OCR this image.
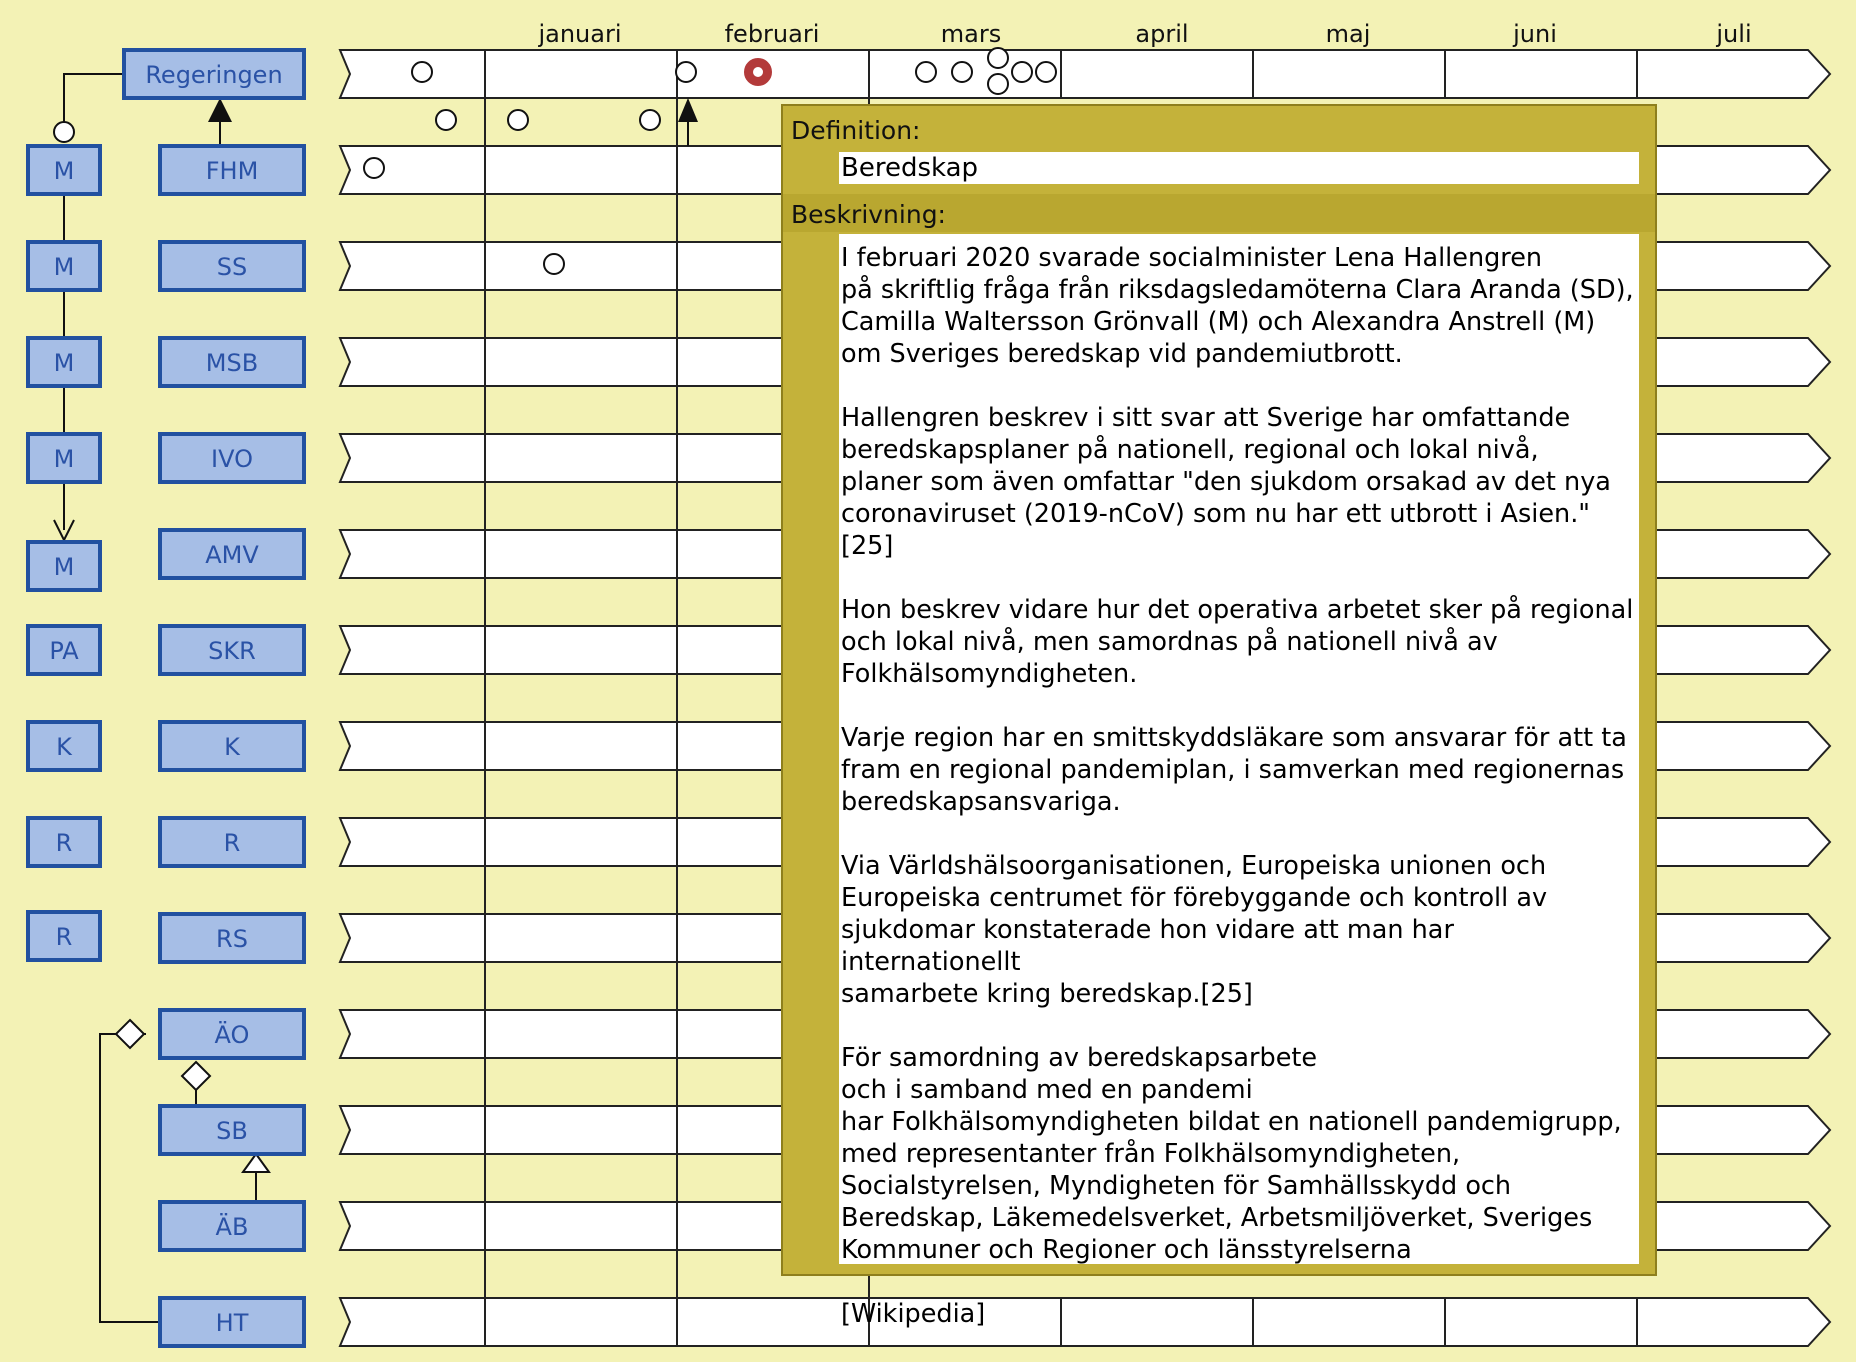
januari	februari	mars	april	maj	juni	juli
Regeringen
M
M
M
M
M
PA
K
R
R
FHM
SS
MSB
IVO
AMV
SKR
K
R
RS
ÄO
SB
ÄB
HT
Definition:
Beredskap
Beskrivning:
I februari 2020 svarade socialminister Lena Hallengren
på skriftlig fråga från riksdagsledamöterna Clara Aranda (SD),
Camilla Waltersson Grönvall (M) och Alexandra Anstrell (M)
om Sveriges beredskap vid pandemiutbrott.

Hallengren beskrev i sitt svar att Sverige har omfattande
beredskapsplaner på nationell, regional och lokal nivå,
planer som även omfattar "den sjukdom orsakad av det nya
coronaviruset (2019-nCoV) som nu har ett utbrott i Asien."[25]

Hon beskrev vidare hur det operativa arbetet sker på regional
och lokal nivå, men samordnas på nationell nivå av
Folkhälsomyndigheten.

Varje region har en smittskyddsläkare som ansvarar för att ta
fram en regional pandemiplan, i samverkan med regionernas
beredskapsansvariga.

Via Världshälsoorganisationen, Europeiska unionen och
Europeiska centrumet för förebyggande och kontroll av
sjukdomar konstaterade hon vidare att man har internationellt
samarbete kring beredskap.[25]

För samordning av beredskapsarbete
och i samband med en pandemi
har Folkhälsomyndigheten bildat en nationell pandemigrupp,
med representanter från Folkhälsomyndigheten,
Socialstyrelsen, Myndigheten för Samhällsskydd och
Beredskap, Läkemedelsverket, Arbetsmiljöverket, Sveriges
Kommuner och Regioner och länsstyrelserna

[Wikipedia]
